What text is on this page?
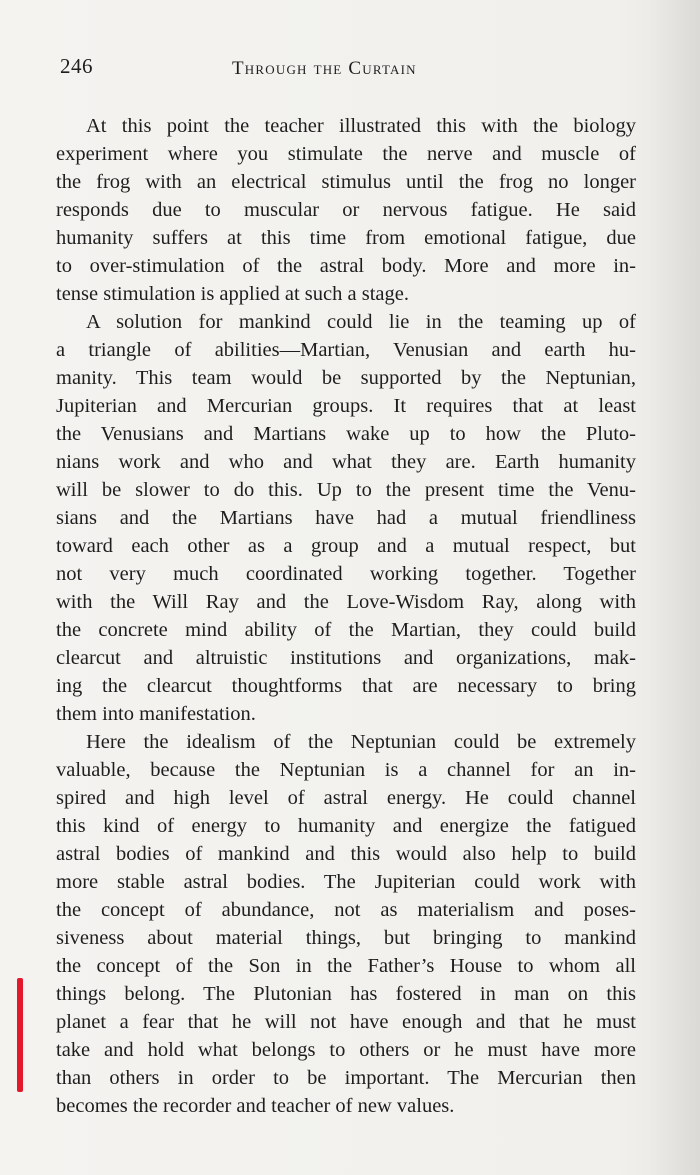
246	Through the Curtain
At this point the teacher illustrated this with the biology
experiment where you stimulate the nerve and muscle of
the frog with an electrical stimulus until the frog no longer
responds due to muscular or nervous fatigue. He said
humanity suffers at this time from emotional fatigue, due
to over-stimulation of the astral body. More and more in-
tense stimulation is applied at such a stage.
A solution for mankind could lie in the teaming up of
a triangle of abilities—Martian, Venusian and earth hu-
manity. This team would be supported by the Neptunian,
Jupiterian and Mercurian groups. It requires that at least
the Venusians and Martians wake up to how the Pluto-
nians work and who and what they are. Earth humanity
will be slower to do this. Up to the present time the Venu-
sians and the Martians have had a mutual friendliness
toward each other as a group and a mutual respect, but
not very much coordinated working together. Together
with the Will Ray and the Love-Wisdom Ray, along with
the concrete mind ability of the Martian, they could build
clearcut and altruistic institutions and organizations, mak-
ing the clearcut thoughtforms that are necessary to bring
them into manifestation.
Here the idealism of the Neptunian could be extremely
valuable, because the Neptunian is a channel for an in-
spired and high level of astral energy. He could channel
this kind of energy to humanity and energize the fatigued
astral bodies of mankind and this would also help to build
more stable astral bodies. The Jupiterian could work with
the concept of abundance, not as materialism and poses-
siveness about material things, but bringing to mankind
the concept of the Son in the Father’s House to whom all
things belong. The Plutonian has fostered in man on this
planet a fear that he will not have enough and that he must
take and hold what belongs to others or he must have more
than others in order to be important. The Mercurian then
becomes the recorder and teacher of new values.
